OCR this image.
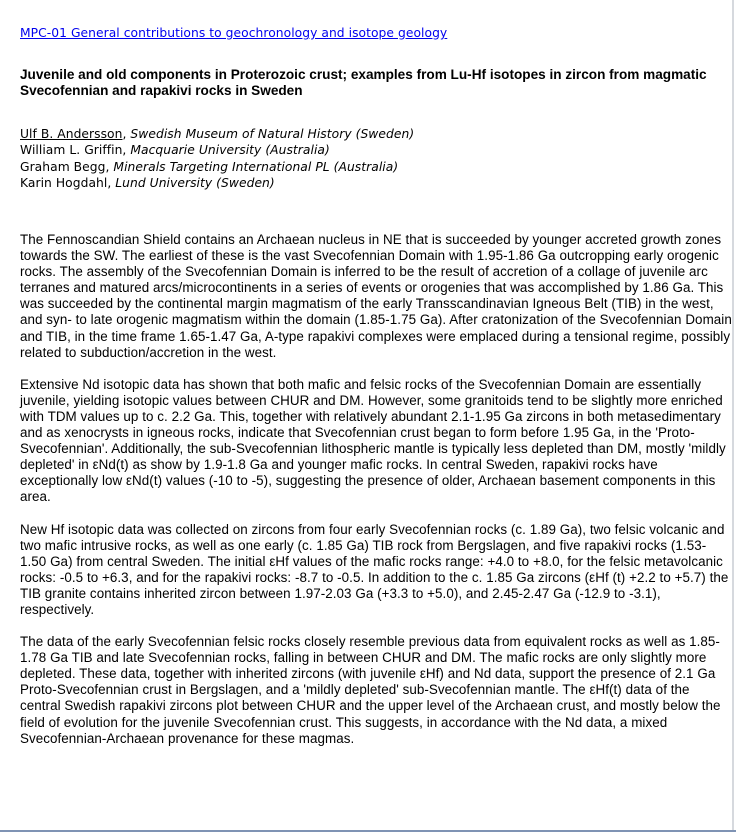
MPC-01 General contributions to geochronology and isotope geology
Juvenile and old components in Proterozoic crust; examples from Lu-Hf isotopes in zircon from magmatic Svecofennian and rapakivi rocks in Sweden
Ulf B. Andersson, Swedish Museum of Natural History (Sweden)
William L. Griffin, Macquarie University (Australia)
Graham Begg, Minerals Targeting International PL (Australia)
Karin Hogdahl, Lund University (Sweden)

The Fennoscandian Shield contains an Archaean nucleus in NE that is succeeded by younger accreted growth zones towards the SW. The earliest of these is the vast Svecofennian Domain with 1.95-1.86 Ga outcropping early orogenic rocks. The assembly of the Svecofennian Domain is inferred to be the result of accretion of a collage of juvenile arc terranes and matured arcs/microcontinents in a series of events or orogenies that was accomplished by 1.86 Ga. This was succeeded by the continental margin magmatism of the early Transscandinavian Igneous Belt (TIB) in the west, and syn- to late orogenic magmatism within the domain (1.85-1.75 Ga). After cratonization of the Svecofennian Domain and TIB, in the time frame 1.65-1.47 Ga, A-type rapakivi complexes were emplaced during a tensional regime, possibly related to subduction/accretion in the west.

Extensive Nd isotopic data has shown that both mafic and felsic rocks of the Svecofennian Domain are essentially juvenile, yielding isotopic values between CHUR and DM. However, some granitoids tend to be slightly more enriched with TDM values up to c. 2.2 Ga. This, together with relatively abundant 2.1-1.95 Ga zircons in both metasedimentary and as xenocrysts in igneous rocks, indicate that Svecofennian crust began to form before 1.95 Ga, in the 'Proto-Svecofennian'. Additionally, the sub-Svecofennian lithospheric mantle is typically less depleted than DM, mostly 'mildly depleted' in εNd(t) as show by 1.9-1.8 Ga and younger mafic rocks. In central Sweden, rapakivi rocks have exceptionally low εNd(t) values (-10 to -5), suggesting the presence of older, Archaean basement components in this area.

New Hf isotopic data was collected on zircons from four early Svecofennian rocks (c. 1.89 Ga), two felsic volcanic and two mafic intrusive rocks, as well as one early (c. 1.85 Ga) TIB rock from Bergslagen, and five rapakivi rocks (1.53-1.50 Ga) from central Sweden. The initial εHf values of the mafic rocks range: +4.0 to +8.0, for the felsic metavolcanic rocks: -0.5 to +6.3, and for the rapakivi rocks: -8.7 to -0.5. In addition to the c. 1.85 Ga zircons (εHf (t) +2.2 to +5.7) the TIB granite contains inherited zircon between 1.97-2.03 Ga (+3.3 to +5.0), and 2.45-2.47 Ga (-12.9 to -3.1), respectively.

The data of the early Svecofennian felsic rocks closely resemble previous data from equivalent rocks as well as 1.85-1.78 Ga TIB and late Svecofennian rocks, falling in between CHUR and DM. The mafic rocks are only slightly more depleted. These data, together with inherited zircons (with juvenile εHf) and Nd data, support the presence of 2.1 Ga Proto-Svecofennian crust in Bergslagen, and a 'mildly depleted' sub-Svecofennian mantle. The εHf(t) data of the central Swedish rapakivi zircons plot between CHUR and the upper level of the Archaean crust, and mostly below the field of evolution for the juvenile Svecofennian crust. This suggests, in accordance with the Nd data, a mixed Svecofennian-Archaean provenance for these magmas.
